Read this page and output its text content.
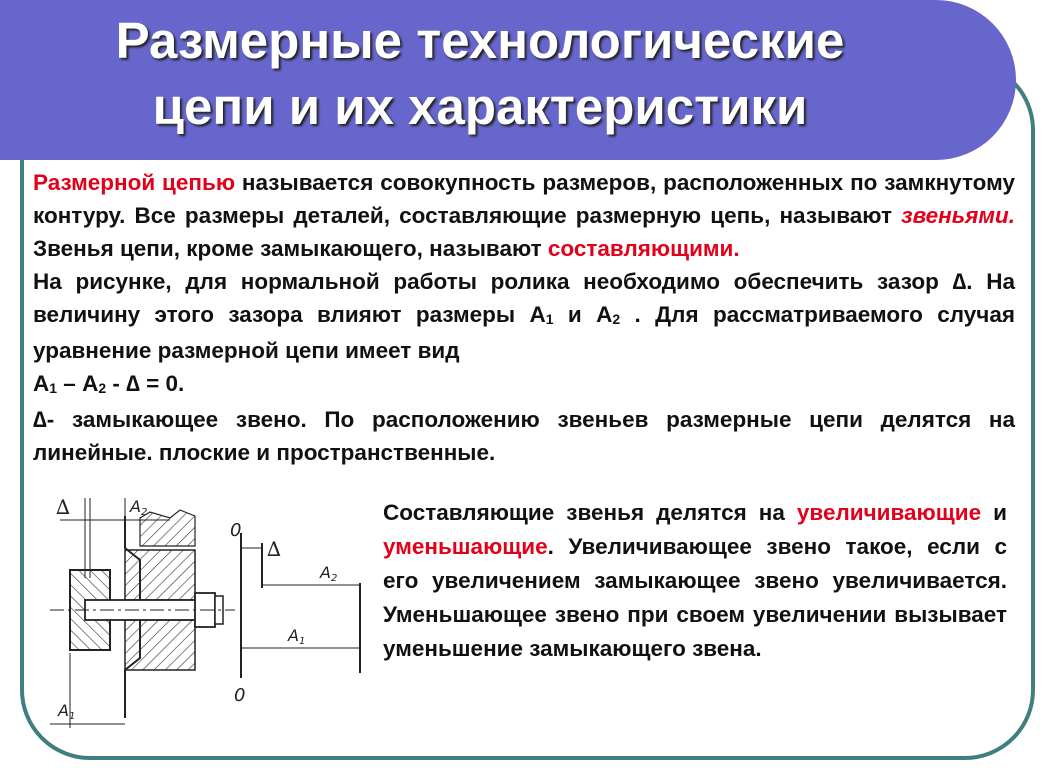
Размерные технологические
цепи и их характеристики

Размерной цепью называется совокупность размеров, расположенных по замкнутому контуру. Все размеры деталей, составляющие размерную цепь, называют звеньями. Звенья цепи, кроме замыкающего, называют составляющими.

На рисунке, для нормальной работы ролика необходимо обеспечить зазор ∆. На величину этого зазора влияют размеры $А_1$ и $А_2$ . Для рассматриваемого случая уравнение размерной цепи имеет вид

$А_1 - А_2$ - ∆ = 0.

∆- замыкающее звено. По расположению звеньев размерные цепи делятся на линейные. плоские и пространственные.

Составляющие звенья делятся на увеличивающие и уменьшающие. Увеличивающее звено такое, если с его увеличением замыкающее звено увеличивается. Уменьшающее звено при своем увеличении вызывает уменьшение замыкающего звена.

∆	A2
A1
0
0
∆
A2
A1
